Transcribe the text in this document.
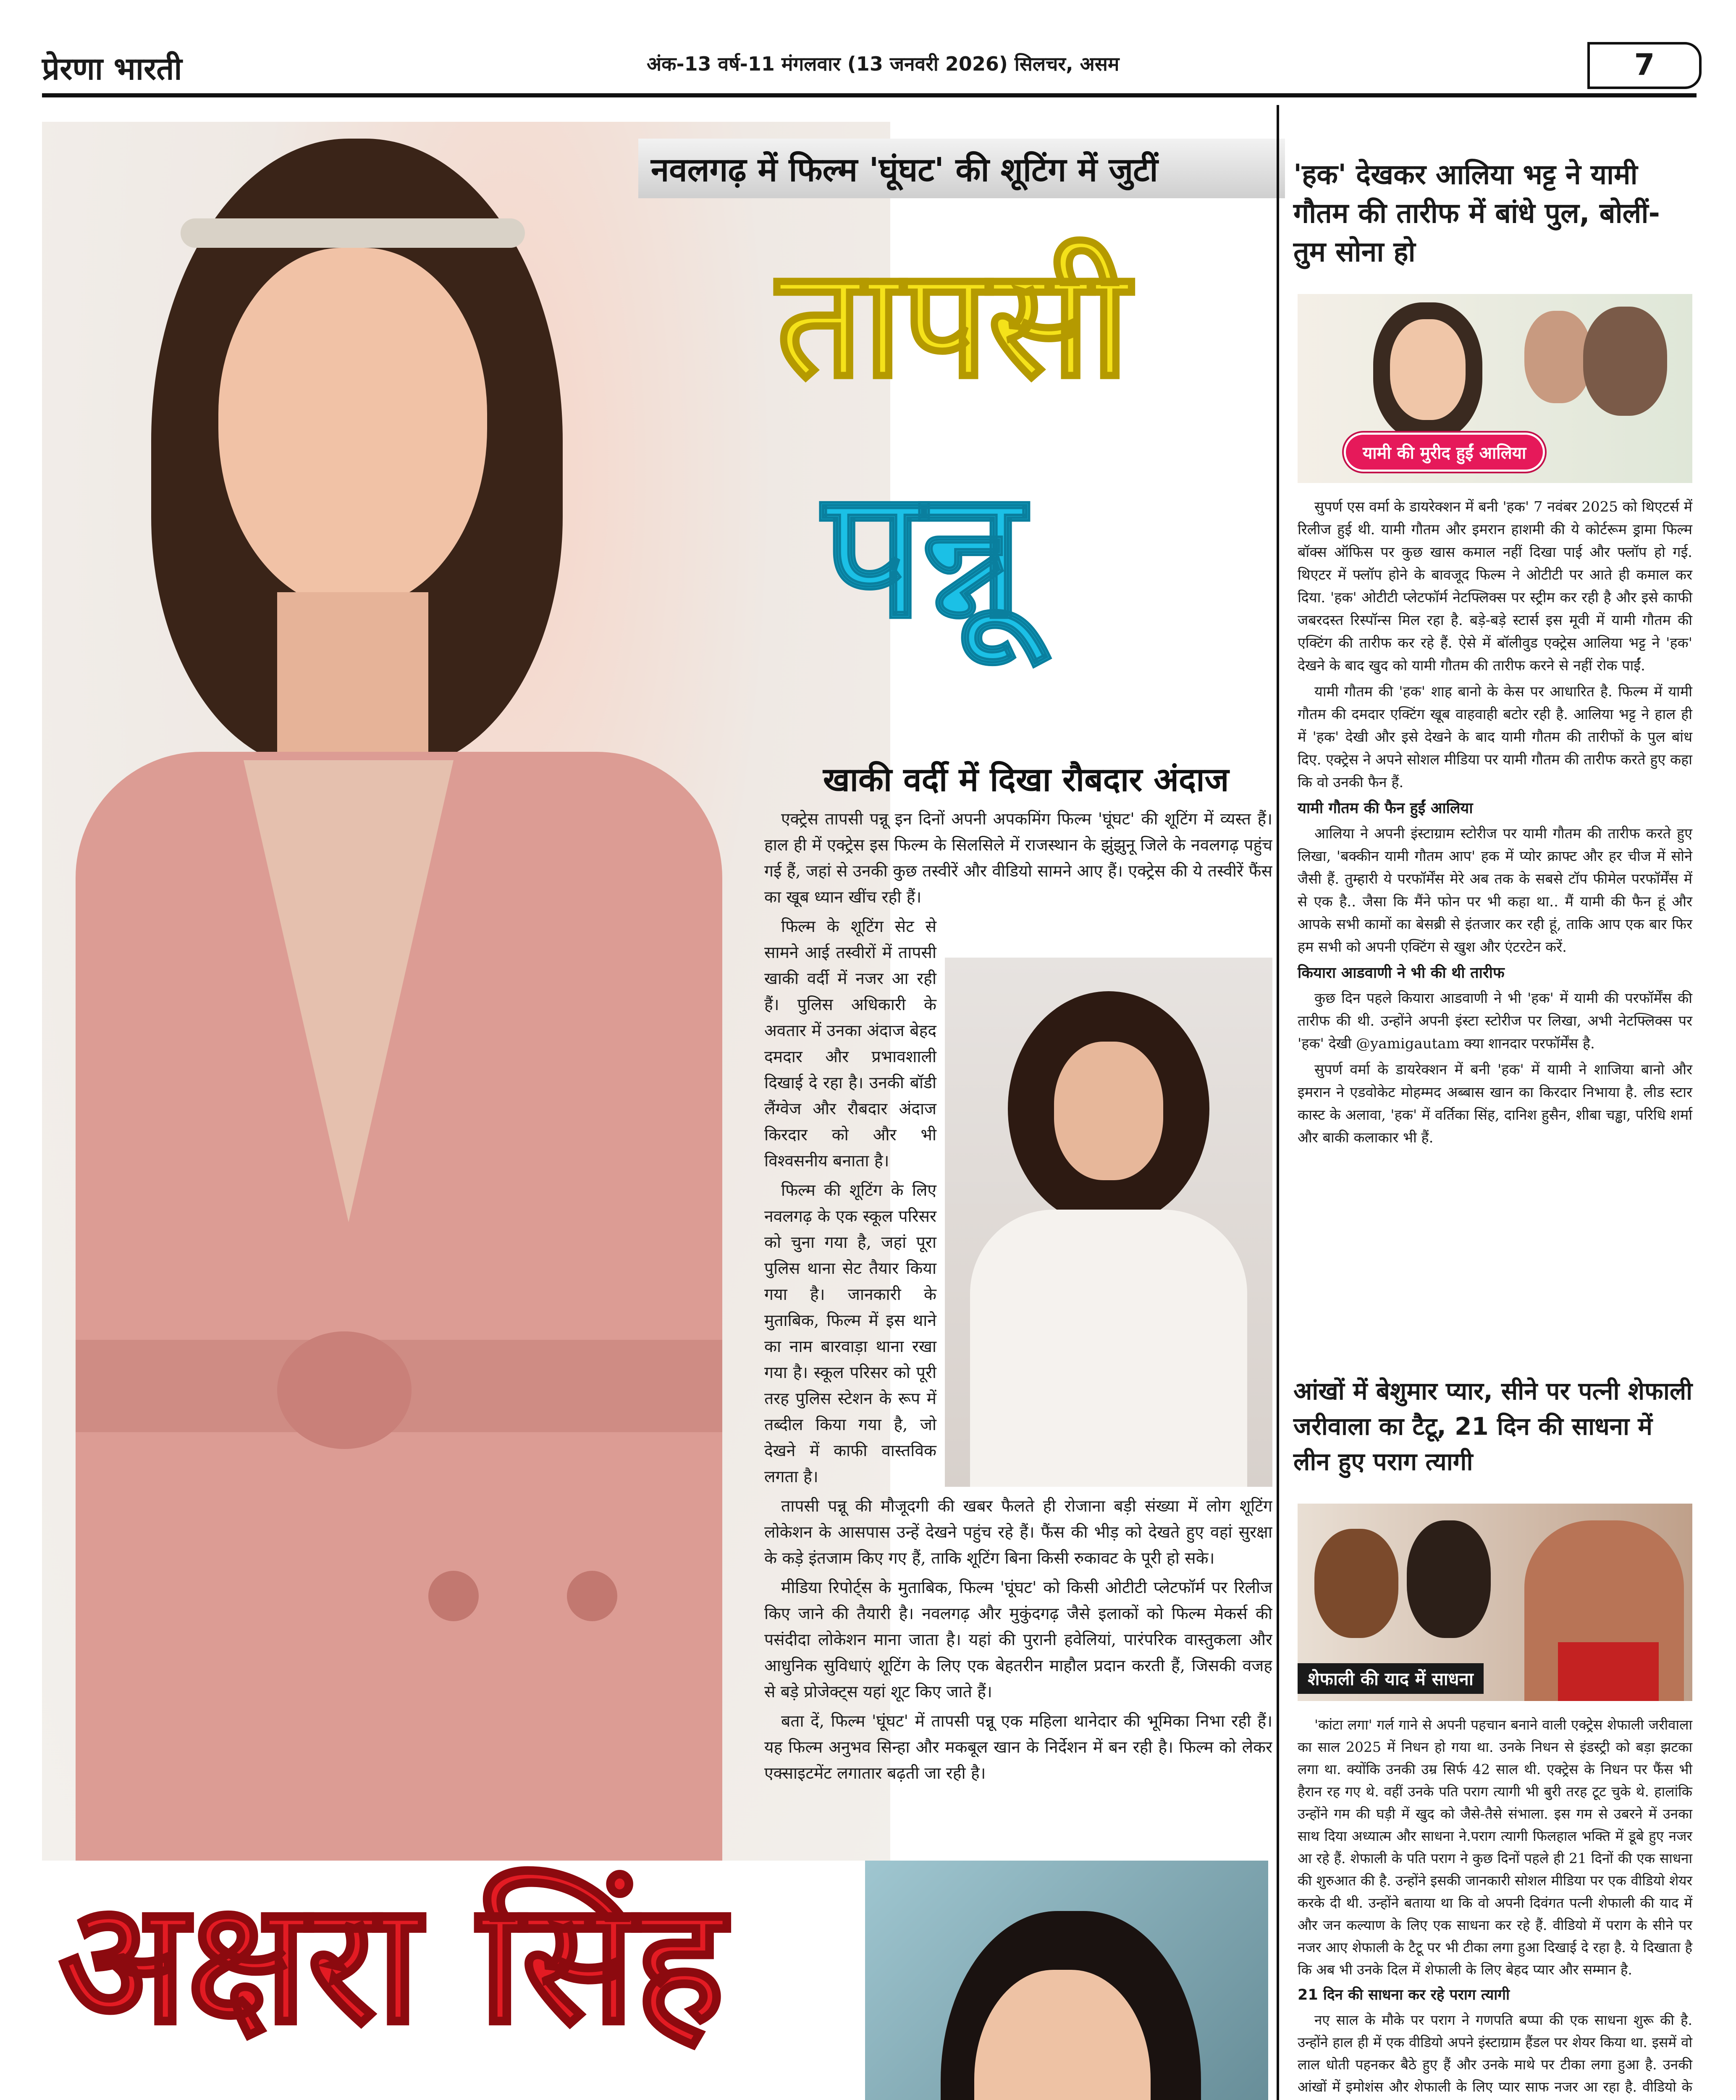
प्रेरणा भारती	अंक-13 वर्ष-11 मंगलवार (13 जनवरी 2026) सिलचर, असम	7
नवलगढ़ में फिल्म 'घूंघट' की शूटिंग में जुटीं
तापसी
पन्नू
खाकी वर्दी में दिखा रौबदार अंदाज

एक्ट्रेस तापसी पन्नू इन दिनों अपनी अपकमिंग फिल्म 'घूंघट' की शूटिंग में व्यस्त हैं। हाल ही में एक्ट्रेस इस फिल्म के सिलसिले में राजस्थान के झुंझुनू जिले के नवलगढ़ पहुंच गई हैं, जहां से उनकी कुछ तस्वीरें और वीडियो सामने आए हैं। एक्ट्रेस की ये तस्वीरें फैंस का खूब ध्यान खींच रही हैं।

फिल्म के शूटिंग सेट से सामने आई तस्वीरों में तापसी खाकी वर्दी में नजर आ रही हैं। पुलिस अधिकारी के अवतार में उनका अंदाज बेहद दमदार और प्रभावशाली दिखाई दे रहा है। उनकी बॉडी लैंग्वेज और रौबदार अंदाज किरदार को और भी विश्वसनीय बनाता है।

फिल्म की शूटिंग के लिए नवलगढ़ के एक स्कूल परिसर को चुना गया है, जहां पूरा पुलिस थाना सेट तैयार किया गया है। जानकारी के मुताबिक, फिल्म में इस थाने का नाम बारवाड़ा थाना रखा गया है। स्कूल परिसर को पूरी तरह पुलिस स्टेशन के रूप में तब्दील किया गया है, जो देखने में काफी वास्तविक लगता है।

तापसी पन्नू की मौजूदगी की खबर फैलते ही रोजाना बड़ी संख्या में लोग शूटिंग लोकेशन के आसपास उन्हें देखने पहुंच रहे हैं। फैंस की भीड़ को देखते हुए वहां सुरक्षा के कड़े इंतजाम किए गए हैं, ताकि शूटिंग बिना किसी रुकावट के पूरी हो सके।

मीडिया रिपोर्ट्स के मुताबिक, फिल्म 'घूंघट' को किसी ओटीटी प्लेटफॉर्म पर रिलीज किए जाने की तैयारी है। नवलगढ़ और मुकुंदगढ़ जैसे इलाकों को फिल्म मेकर्स की पसंदीदा लोकेशन माना जाता है। यहां की पुरानी हवेलियां, पारंपरिक वास्तुकला और आधुनिक सुविधाएं शूटिंग के लिए एक बेहतरीन माहौल प्रदान करती हैं, जिसकी वजह से बड़े प्रोजेक्ट्स यहां शूट किए जाते हैं।

बता दें, फिल्म 'घूंघट' में तापसी पन्नू एक महिला थानेदार की भूमिका निभा रही हैं। यह फिल्म अनुभव सिन्हा और मकबूल खान के निर्देशन में बन रही है। फिल्म को लेकर एक्साइटमेंट लगातार बढ़ती जा रही है।

अक्षरा सिंह
'हक' देखकर आलिया भट्ट ने यामी गौतम की तारीफ में बांधे पुल, बोलीं- तुम सोना हो
यामी की मुरीद हुईं आलिया

सुपर्ण एस वर्मा के डायरेक्शन में बनी 'हक' 7 नवंबर 2025 को थिएटर्स में रिलीज हुई थी. यामी गौतम और इमरान हाशमी की ये कोर्टरूम ड्रामा फिल्म बॉक्स ऑफिस पर कुछ खास कमाल नहीं दिखा पाई और फ्लॉप हो गई. थिएटर में फ्लॉप होने के बावजूद फिल्म ने ओटीटी पर आते ही कमाल कर दिया. 'हक' ओटीटी प्लेटफॉर्म नेटफ्लिक्स पर स्ट्रीम कर रही है और इसे काफी जबरदस्त रिस्पॉन्स मिल रहा है. बड़े-बड़े स्टार्स इस मूवी में यामी गौतम की एक्टिंग की तारीफ कर रहे हैं. ऐसे में बॉलीवुड एक्ट्रेस आलिया भट्ट ने 'हक' देखने के बाद खुद को यामी गौतम की तारीफ करने से नहीं रोक पाईं.

यामी गौतम की 'हक' शाह बानो के केस पर आधारित है. फिल्म में यामी गौतम की दमदार एक्टिंग खूब वाहवाही बटोर रही है. आलिया भट्ट ने हाल ही में 'हक' देखी और इसे देखने के बाद यामी गौतम की तारीफों के पुल बांध दिए. एक्ट्रेस ने अपने सोशल मीडिया पर यामी गौतम की तारीफ करते हुए कहा कि वो उनकी फैन हैं.

यामी गौतम की फैन हुईं आलिया

आलिया ने अपनी इंस्टाग्राम स्टोरीज पर यामी गौतम की तारीफ करते हुए लिखा, 'बक्कीन यामी गौतम आप' हक में प्योर क्राफ्ट और हर चीज में सोने जैसी हैं. तुम्हारी ये परफॉर्मेंस मेरे अब तक के सबसे टॉप फीमेल परफॉर्मेंस में से एक है.. जैसा कि मैंने फोन पर भी कहा था.. मैं यामी की फैन हूं और आपके सभी कामों का बेसब्री से इंतजार कर रही हूं, ताकि आप एक बार फिर हम सभी को अपनी एक्टिंग से खुश और एंटरटेन करें.

कियारा आडवाणी ने भी की थी तारीफ

कुछ दिन पहले कियारा आडवाणी ने भी 'हक' में यामी की परफॉर्मेंस की तारीफ की थी. उन्होंने अपनी इंस्टा स्टोरीज पर लिखा, अभी नेटफ्लिक्स पर 'हक' देखी @yamigautam क्या शानदार परफॉर्मेंस है.

सुपर्ण वर्मा के डायरेक्शन में बनी 'हक' में यामी ने शाजिया बानो और इमरान ने एडवोकेट मोहम्मद अब्बास खान का किरदार निभाया है. लीड स्टार कास्ट के अलावा, 'हक' में वर्तिका सिंह, दानिश हुसैन, शीबा चड्ढा, परिधि शर्मा और बाकी कलाकार भी हैं.

आंखों में बेशुमार प्यार, सीने पर पत्नी शेफाली जरीवाला का टैटू, 21 दिन की साधना में लीन हुए पराग त्यागी
शेफाली की याद में साधना

'कांटा लगा' गर्ल गाने से अपनी पहचान बनाने वाली एक्ट्रेस शेफाली जरीवाला का साल 2025 में निधन हो गया था. उनके निधन से इंडस्ट्री को बड़ा झटका लगा था. क्योंकि उनकी उम्र सिर्फ 42 साल थी. एक्ट्रेस के निधन पर फैंस भी हैरान रह गए थे. वहीं उनके पति पराग त्यागी भी बुरी तरह टूट चुके थे. हालांकि उन्होंने गम की घड़ी में खुद को जैसे-तैसे संभाला. इस गम से उबरने में उनका साथ दिया अध्यात्म और साधना ने.पराग त्यागी फिलहाल भक्ति में डूबे हुए नजर आ रहे हैं. शेफाली के पति पराग ने कुछ दिनों पहले ही 21 दिनों की एक साधना की शुरुआत की है. उन्होंने इसकी जानकारी सोशल मीडिया पर एक वीडियो शेयर करके दी थी. उन्होंने बताया था कि वो अपनी दिवंगत पत्नी शेफाली की याद में और जन कल्याण के लिए एक साधना कर रहे हैं. वीडियो में पराग के सीने पर नजर आए शेफाली के टैटू पर भी टीका लगा हुआ दिखाई दे रहा है. ये दिखाता है कि अब भी उनके दिल में शेफाली के लिए बेहद प्यार और सम्मान है.

21 दिन की साधना कर रहे पराग त्यागी

नए साल के मौके पर पराग ने गणपति बप्पा की एक साधना शुरू की है. उन्होंने हाल ही में एक वीडियो अपने इंस्टाग्राम हैंडल पर शेयर किया था. इसमें वो लाल धोती पहनकर बैठे हुए हैं और उनके माथे पर टीका लगा हुआ है. उनकी आंखों में इमोशंस और शेफाली के लिए प्यार साफ नजर आ रहा है. वीडियो के
